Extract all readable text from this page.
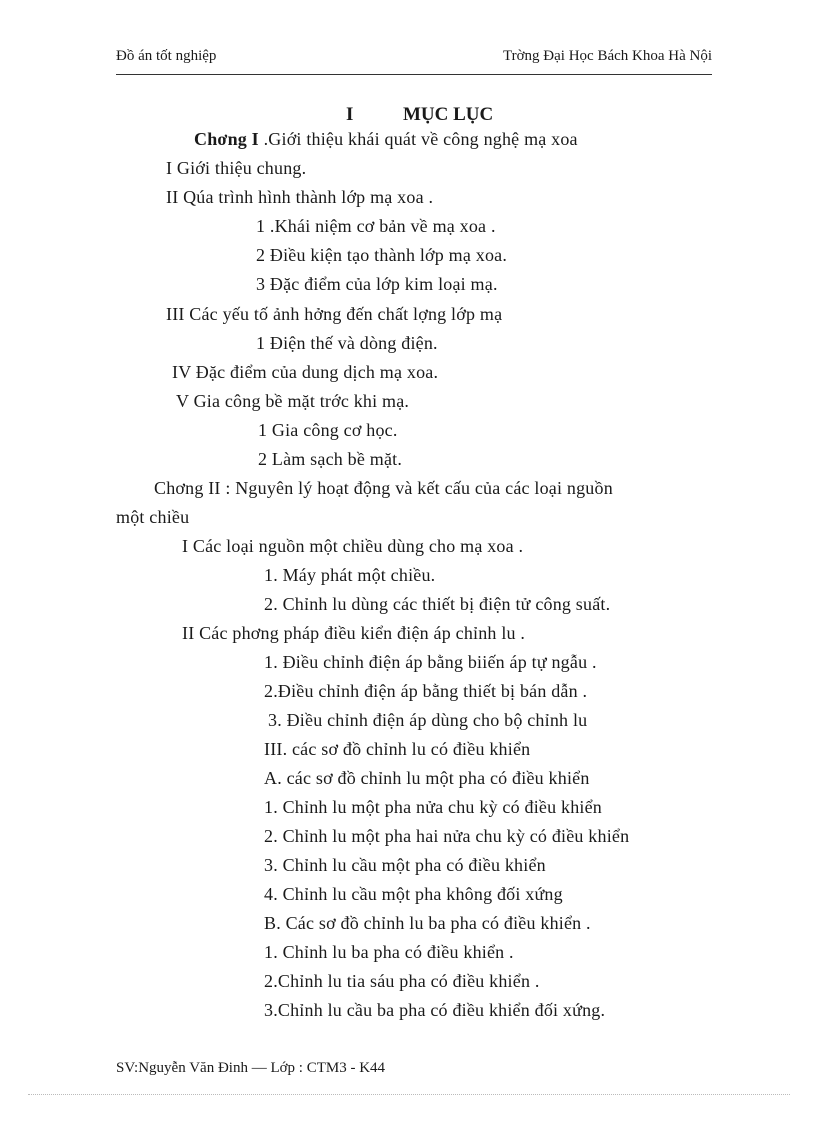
Đồ án tốt nghiệp	Trờng Đại Học Bách Khoa Hà Nội
I	MỤC LỤC
Chơng I .Giới thiệu khái quát về công nghệ mạ xoa
I Giới thiệu chung.
II Qúa trình hình thành lớp mạ xoa .
1 .Khái niệm cơ bản về mạ xoa .
2 Điều kiện tạo thành lớp mạ xoa.
3 Đặc điểm của lớp kim loại mạ.
III Các yếu tố ảnh hởng đến chất lợng lớp mạ
1 Điện thế và dòng điện.
IV Đặc điểm của dung dịch mạ xoa.
V Gia công bề mặt trớc khi mạ.
1 Gia công cơ học.
2 Làm sạch bề mặt.
Chơng II : Nguyên lý hoạt động và kết cấu của các loại nguồn
một chiều
I Các loại nguồn một chiều dùng cho mạ xoa .
1. Máy phát một chiều.
2. Chỉnh lu dùng các thiết bị điện tử công suất.
II Các phơng pháp điều kiển điện áp chỉnh lu .
1. Điều chỉnh điện áp bằng biiến áp tự ngẫu .
2.Điều chỉnh điện áp bằng thiết bị bán dẫn .
3. Điều chỉnh điện áp dùng cho bộ chỉnh lu
III. các sơ đồ chỉnh lu có điều khiển
A. các sơ đồ chỉnh lu một pha có điều khiển
1. Chỉnh lu một pha nửa chu kỳ có điều khiển
2. Chỉnh lu một pha hai nửa chu kỳ có điều khiển
3. Chỉnh lu cầu một pha có điều khiển
4. Chỉnh lu cầu một pha không đối xứng
B. Các sơ đồ chỉnh lu ba pha có điều khiển .
1. Chỉnh lu ba pha có điều khiển .
2.Chỉnh lu tia sáu pha có điều khiển .
3.Chỉnh lu cầu ba pha có điều khiển đối xứng.
SV:Nguyễn Văn Đinh — Lớp : CTM3 - K44
